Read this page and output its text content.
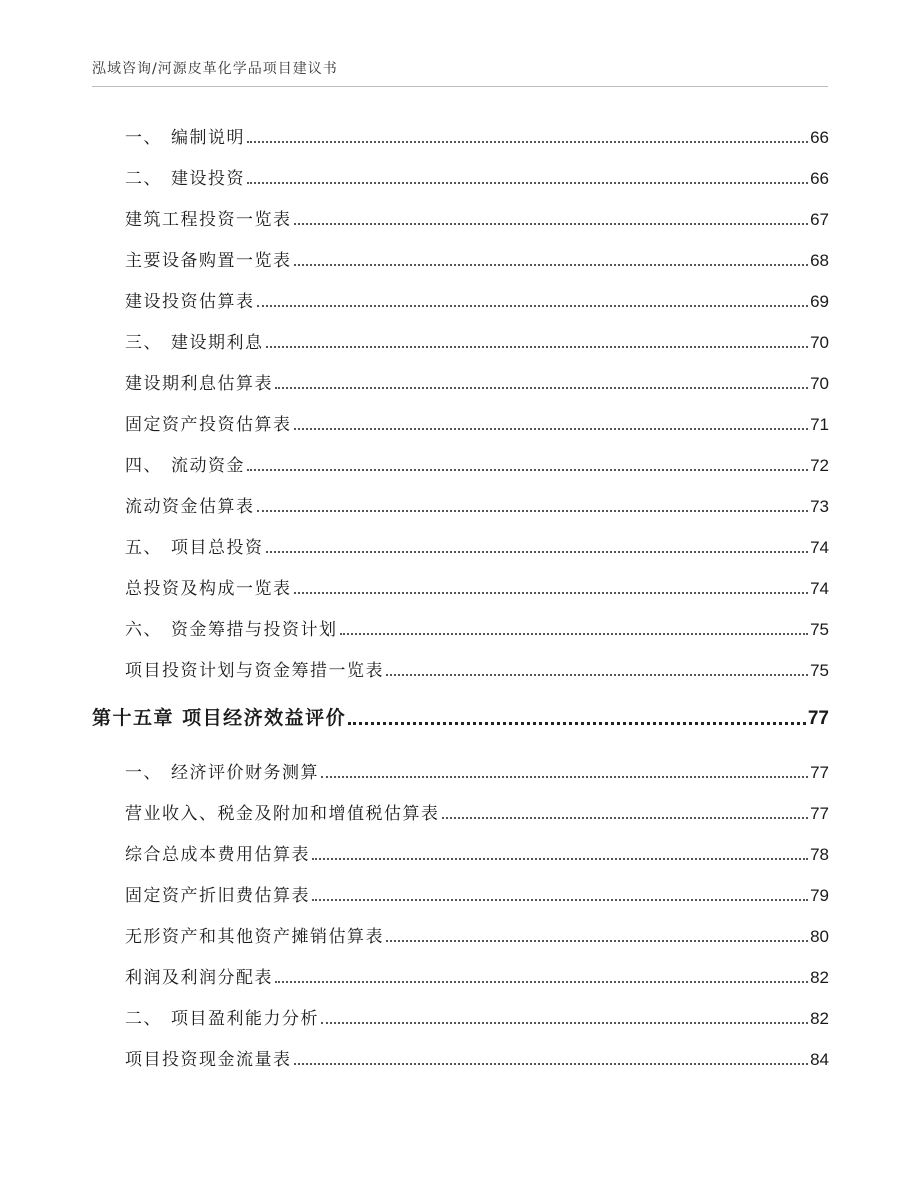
泓域咨询/河源皮革化学品项目建议书
一、 编制说明	66
二、 建设投资	66
建筑工程投资一览表	67
主要设备购置一览表	68
建设投资估算表	69
三、 建设期利息	70
建设期利息估算表	70
固定资产投资估算表	71
四、 流动资金	72
流动资金估算表	73
五、 项目总投资	74
总投资及构成一览表	74
六、 资金筹措与投资计划	75
项目投资计划与资金筹措一览表	75
第十五章 项目经济效益评价	77
一、 经济评价财务测算	77
营业收入、税金及附加和增值税估算表	77
综合总成本费用估算表	78
固定资产折旧费估算表	79
无形资产和其他资产摊销估算表	80
利润及利润分配表	82
二、 项目盈利能力分析	82
项目投资现金流量表	84
